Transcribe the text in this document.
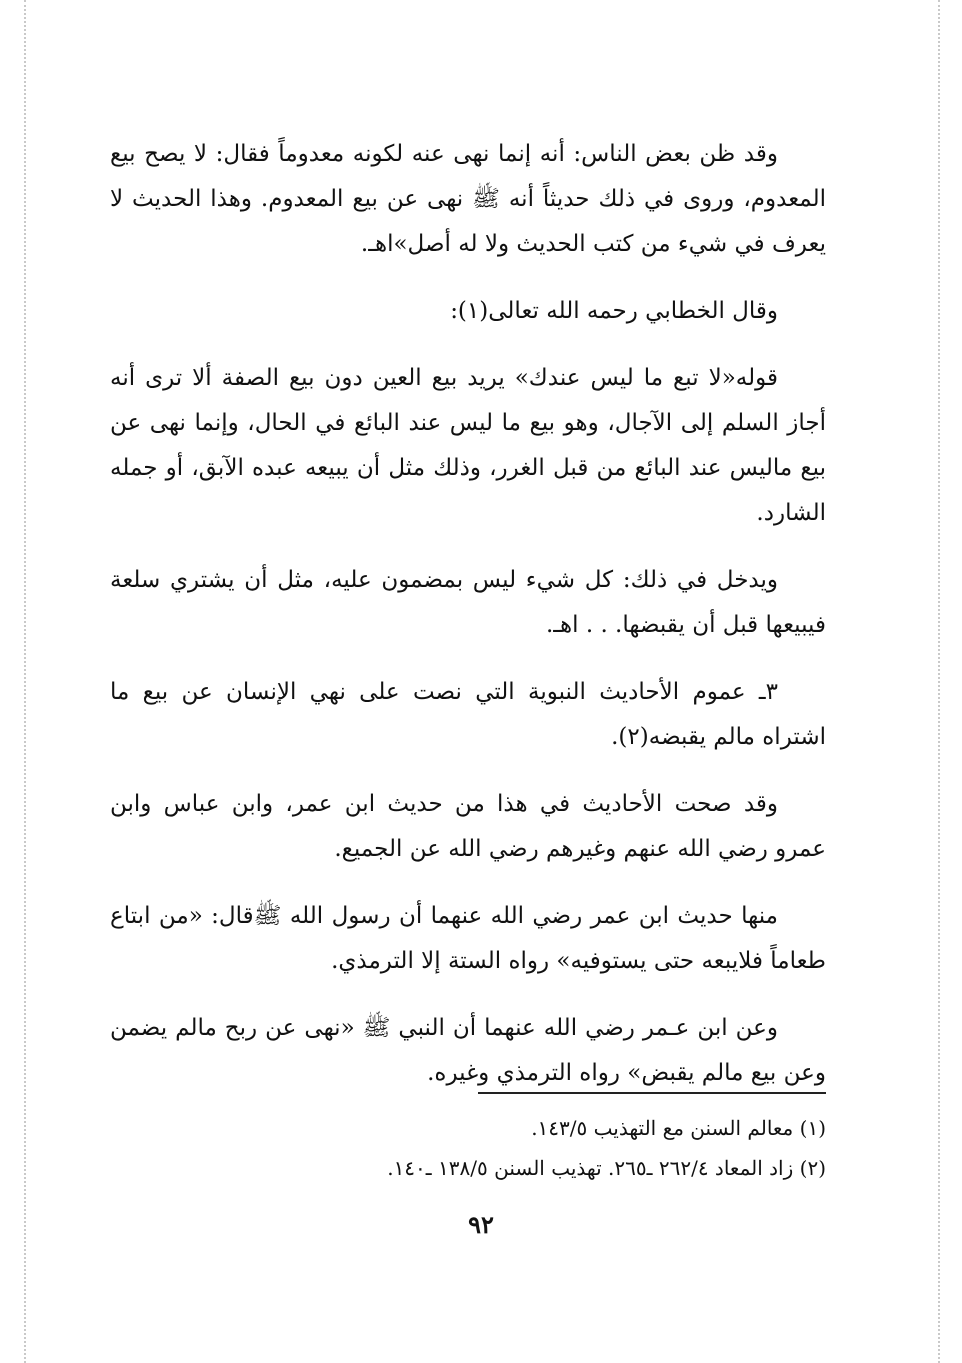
وقد ظن بعض الناس: أنه إنما نهى عنه لكونه معدوماً فقال: لا يصح بيع المعدوم، وروى في ذلك حديثاً أنه ﷺ نهى عن بيع المعدوم. وهذا الحديث لا يعرف في شيء من كتب الحديث ولا له أصل»اهـ.

وقال الخطابي رحمه الله تعالى(١):

قوله«لا تبع ما ليس عندك» يريد بيع العين دون بيع الصفة ألا ترى أنه أجاز السلم إلى الآجال، وهو بيع ما ليس عند البائع في الحال، وإنما نهى عن بيع ماليس عند البائع من قبل الغرر، وذلك مثل أن يبيعه عبده الآبق، أو جمله الشارد.

ويدخل في ذلك: كل شيء ليس بمضمون عليه، مثل أن يشتري سلعة فيبيعها قبل أن يقبضها. . . اهـ.

٣ـ عموم الأحاديث النبوية التي نصت على نهي الإنسان عن بيع ما اشتراه مالم يقبضه(٢).

وقد صحت الأحاديث في هذا من حديث ابن عمر، وابن عباس وابن عمرو رضي الله عنهم وغيرهم رضي الله عن الجميع.

منها حديث ابن عمر رضي الله عنهما أن رسول الله ﷺقال: «من ابتاع طعاماً فلايبعه حتى يستوفيه» رواه الستة إلا الترمذي.

وعن ابن عـمر رضي الله عنهما أن النبي ﷺ «نهى عن ربح مالم يضمن وعن بيع مالم يقبض» رواه الترمذي وغيره.

(١) معالم السنن مع التهذيب ١٤٣/٥.

(٢) زاد المعاد ٢٦٢/٤ ـ٢٦٥. تهذيب السنن ١٣٨/٥ ـ١٤٠.

٩٢
